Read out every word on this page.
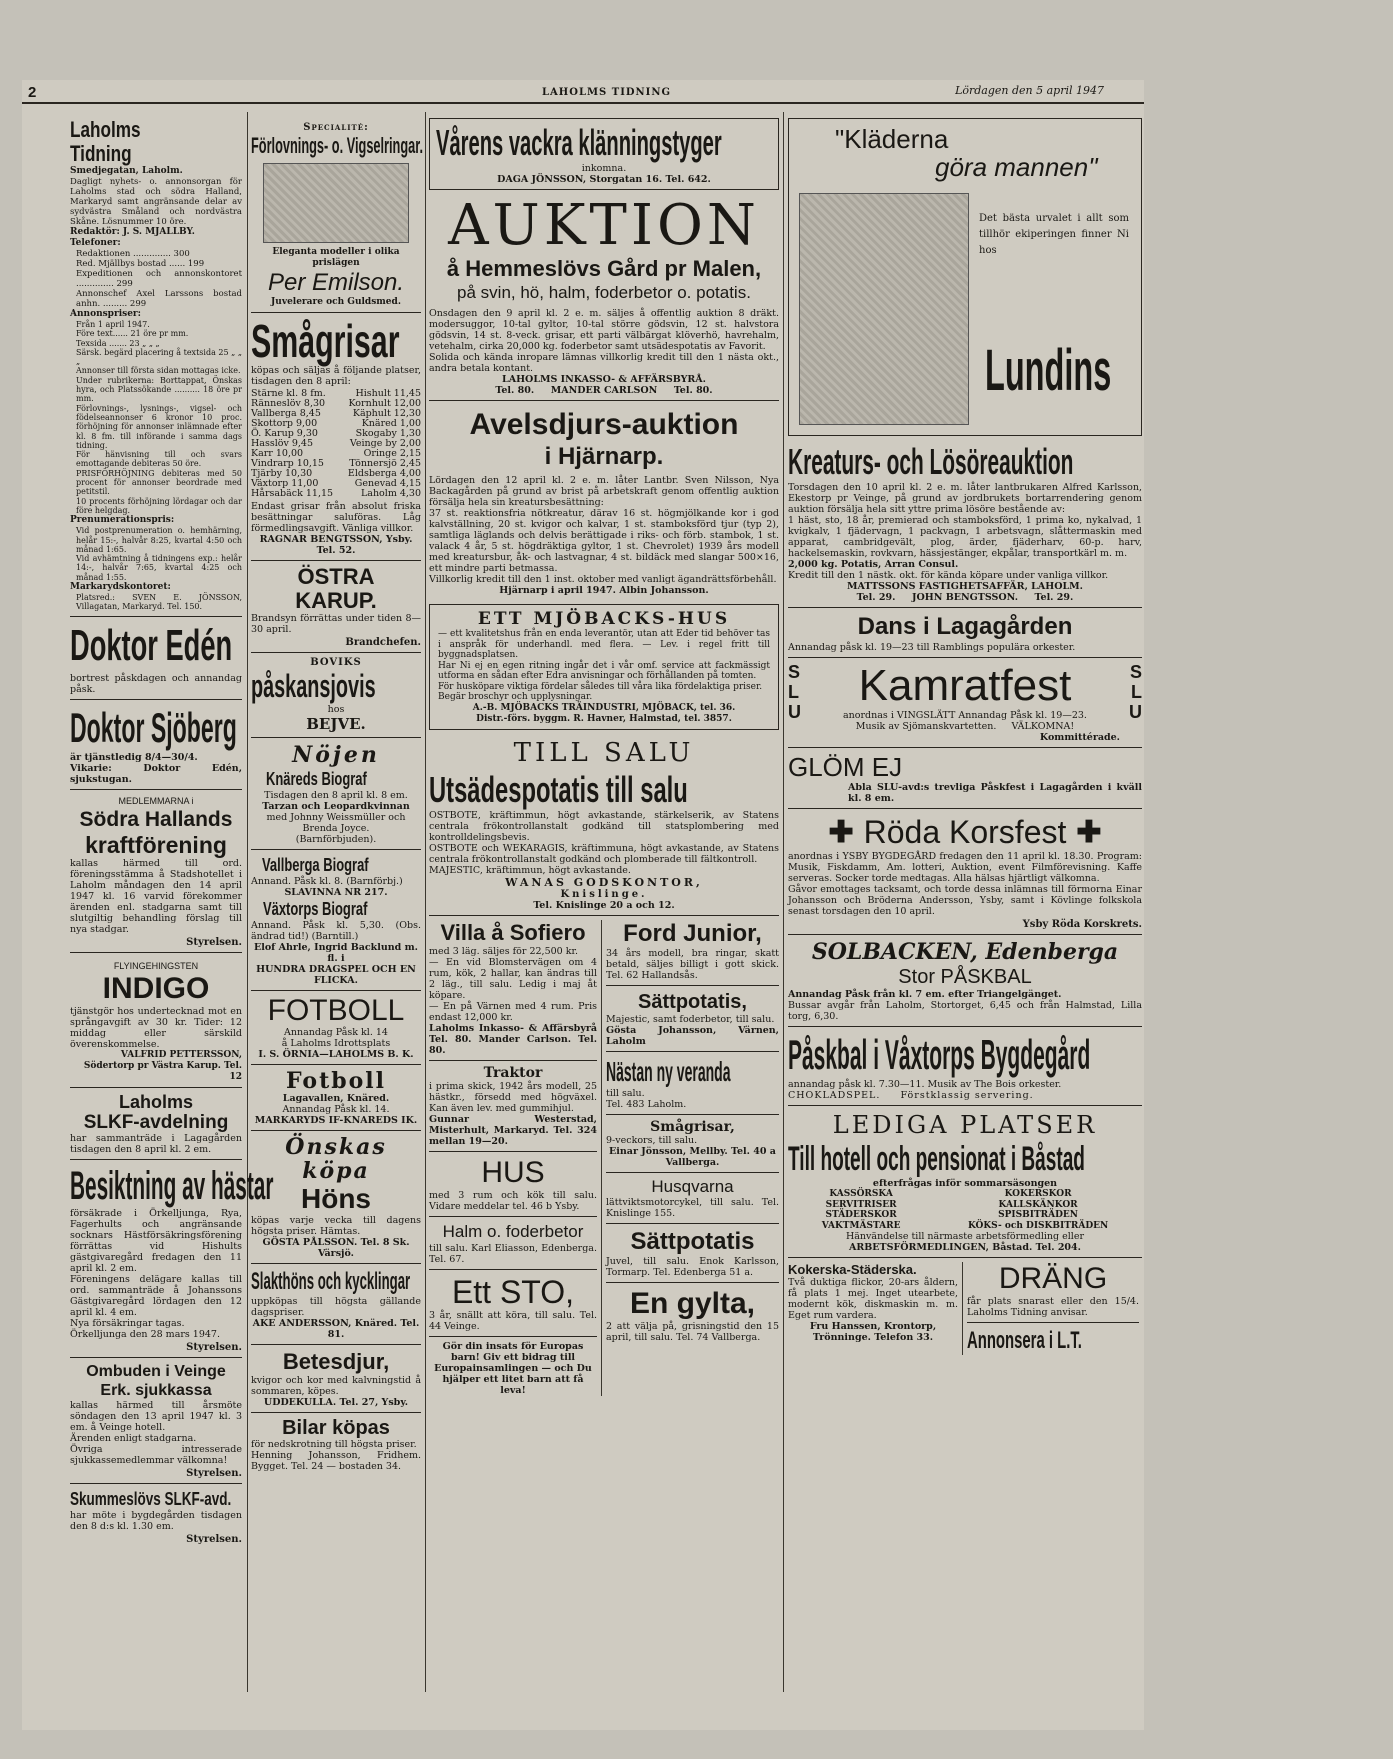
2	LAHOLMS TIDNING	Lördagen den 5 april 1947
Laholms Tidning
Smedjegatan, Laholm.
Dagligt nyhets- o. annonsorgan för Laholms stad och södra Halland, Markaryd samt angränsande delar av sydvästra Småland och nordvästra Skåne. Lösnummer 10 öre.
Redaktör: J. S. MJALLBY.
Telefoner:
Redaktionen .............. 300
Red. Mjällbys bostad ...... 199
Expeditionen och annonskontoret .............. 299
Annonschef Axel Larssons bostad anhn. ......... 299
Annonspriser:
Från 1 april 1947.
Före text...... 21 öre pr mm.
Texsida ....... 23 „ „ „
Särsk. begärd placering å textsida 25 „ „ „
Annonser till första sidan mottagas icke.
Under rubrikerna: Borttappat, Önskas hyra, och Platssökande .......... 18 öre pr mm.
Förlovnings-, lysnings-, vigsel- och födelseannonser 6 kronor 10 proc. förhöjning för annonser inlämnade efter kl. 8 fm. till införande i samma dags tidning.
För hänvisning till och svars emottagande debiteras 50 öre.
PRISFÖRHÖJNING debiteras med 50 procent för annonser beordrade med petitstil.
10 procents förhöjning lördagar och dar före helgdag.
Prenumerationspris:
Vid postprenumeration o. hemhärning, helår 15:-, halvår 8:25, kvartal 4:50 och månad 1:65.
Vid avhämtning å tidningens exp.: helår 14:-, halvår 7:65, kvartal 4:25 och månad 1:55.
Markarydskontoret:
Platsred.: SVEN E. JÖNSSON, Villagatan, Markaryd. Tel. 150.
Doktor Edén
bortrest påskdagen och annandag påsk.
Doktor Sjöberg
är tjänstledig 8/4—30/4.
Vikarie: Doktor Edén, sjukstugan.
MEDLEMMARNA i
Södra Hallands
kraftförening
kallas härmed till ord. föreningsstämma å Stadshotellet i Laholm måndagen den 14 april 1947 kl. 16 varvid förekommer ärenden enl. stadgarna samt till slutgiltig behandling förslag till nya stadgar.
Styrelsen.
FLYINGEHINGSTEN
INDIGO
tjänstgör hos undertecknad mot en språngavgift av 30 kr. Tider: 12 middag eller särskild överenskommelse.
VALFRID PETTERSSON, Södertorp pr Västra Karup. Tel. 12
Laholms
SLKF-avdelning
har sammanträde i Lagagården tisdagen den 8 april kl. 2 em.
Besiktning av hästar
försäkrade i Örkelljunga, Rya, Fagerhults och angränsande socknars Hästförsäkringsförening förrättas vid Hishults gästgivaregård fredagen den 11 april kl. 2 em.
Föreningens delägare kallas till ord. sammanträde å Johanssons Gästgivaregård lördagen den 12 april kl. 4 em.
Nya försäkringar tagas.
Örkelljunga den 28 mars 1947.
Styrelsen.
Ombuden i Veinge
Erk. sjukkassa
kallas härmed till årsmöte söndagen den 13 april 1947 kl. 3 em. å Veinge hotell.
Ärenden enligt stadgarna.
Övriga intresserade sjukkassemedlemmar välkomna!
Styrelsen.
Skummeslövs SLKF-avd.
har möte i bygdegården tisdagen den 8 d:s kl. 1.30 em.
Styrelsen.
Specialité:
Förlovnings- o. Vigselringar.
Eleganta modeller i olika prislägen
Per Emilson.
Juvelerare och Guldsmed.
Smågrisar
köpas och säljas å följande platser, tisdagen den 8 april:
Stärne kl. 8 fm.	Hishult 11,45
Ränneslöv 8,30 Kornhult 12,00
Vallberga 8,45	Käphult 12,30
Skottorp 9,00	Knäred 1,00
Ö. Karup 9,30	Skogaby 1,30
Hasslöv 9,45	Veinge by 2,00
Karr 10,00	Oringe 2,15
Vindrarp 10,15	Tönnersjö 2,45
Tjärby 10,30	Eldsberga 4,00
Växtorp 11,00	Genevad 4,15
Hårsabäck 11,15	Laholm 4,30
Endast grisar från absolut friska besättningar saluföras. Låg förmedlingsavgift. Vänliga villkor.
RAGNAR BENGTSSON, Ysby. Tel. 52.
ÖSTRA
KARUP.
Brandsyn förrättas under tiden 8—30 april.
Brandchefen.
BOVIKS
påskansjovis
hos
BEJVE.
Nöjen
Knäreds Biograf
Tisdagen den 8 april kl. 8 em.
Tarzan och Leopardkvinnan
med Johnny Weissmüller och Brenda Joyce.
(Barnförbjuden).
Vallberga Biograf
Annand. Påsk kl. 8. (Barnförbj.)
SLAVINNA NR 217.
Växtorps Biograf
Annand. Påsk kl. 5,30. (Obs. ändrad tid!) (Barntill.)
Elof Ahrle, Ingrid Backlund m. fl. i
HUNDRA DRAGSPEL OCH EN FLICKA.
FOTBOLL
Annandag Påsk kl. 14
å Laholms Idrottsplats
I. S. ÖRNIA—LAHOLMS B. K.
Fotboll
Lagavallen, Knäred.
Annandag Påsk kl. 14.
MARKARYDS IF-KNAREDS IK.
Önskas köpa
Höns
köpas varje vecka till dagens högsta priser. Hämtas.
GÖSTA PÅLSSON. Tel. 8 Sk. Värsjö.
Slakthöns och kycklingar
uppköpas till högsta gällande dagspriser.
AKE ANDERSSON, Knäred. Tel. 81.
Betesdjur,
kvigor och kor med kalvningstid å sommaren, köpes.
UDDEKULLA. Tel. 27, Ysby.
Bilar köpas
för nedskrotning till högsta priser.
Henning Johansson, Fridhem. Bygget. Tel. 24 — bostaden 34.
Vårens vackra klänningstyger
inkomna.
DAGA JÖNSSON, Storgatan 16. Tel. 642.
AUKTION
å Hemmeslövs Gård pr Malen,
på svin, hö, halm, foderbetor o. potatis.
Onsdagen den 9 april kl. 2 e. m. säljes å offentlig auktion 8 dräkt. modersuggor, 10-tal gyltor, 10-tal större gödsvin, 12 st. halvstora gödsvin, 14 st. 8-veck. grisar, ett parti välbärgat klöverhö, havrehalm, vetehalm, cirka 20,000 kg. foderbetor samt utsädespotatis av Favorit.
Solida och kända inropare lämnas villkorlig kredit till den 1 nästa okt., andra betala kontant.
LAHOLMS INKASSO- & AFFÄRSBYRÅ.
Tel. 80.     MANDER CARLSON     Tel. 80.
Avelsdjurs-auktion
i Hjärnarp.
Lördagen den 12 april kl. 2 e. m. låter Lantbr. Sven Nilsson, Nya Backagården på grund av brist på arbetskraft genom offentlig auktion försälja hela sin kreatursbesättning:
37 st. reaktionsfria nötkreatur, därav 16 st. högmjölkande kor i god kalvställning, 20 st. kvigor och kalvar, 1 st. stamboksförd tjur (typ 2), samtliga läglands och delvis berättigade i riks- och förb. stambok, 1 st. valack 4 år, 5 st. högdräktiga gyltor, 1 st. Chevrolet) 1939 års modell med kreatursbur, åk- och lastvagnar, 4 st. bildäck med slangar 500×16, ett mindre parti betmassa.
Villkorlig kredit till den 1 inst. oktober med vanligt ägandrättsförbehåll.
Hjärnarp i april 1947. Albin Johansson.
ETT MJÖBACKS-HUS
— ett kvalitetshus från en enda leverantör, utan att Eder tid behöver tas i anspråk för underhandl. med flera. — Lev. i regel fritt till byggnadsplatsen.
Har Ni ej en egen ritning ingår det i vår omf. service att fackmässigt utforma en sådan efter Edra anvisningar och förhållanden på tomten.
För husköpare viktiga fördelar således till våra lika fördelaktiga priser.
Begär broschyr och upplysningar.
A.-B. MJÖBACKS TRÄINDUSTRI, MJÖBACK, tel. 36.
Distr.-förs. byggm. R. Havner, Halmstad, tel. 3857.
TILL SALU
Utsädespotatis till salu
OSTBOTE, kräftimmun, högt avkastande, stärkelserik, av Statens centrala frökontrollanstalt godkänd till statsplombering med kontrolldelingsbevis.
OSTBOTE och WEKARAGIS, kräftimmuna, högt avkastande, av Statens centrala frökontrollanstalt godkänd och plomberade till fältkontroll.
MAJESTIC, kräftimmun, högt avkastande.
WANAS GODSKONTOR,
Knislinge.
Tel. Knislinge 20 a och 12.
Villa å Sofiero
med 3 läg. säljes för 22,500 kr.
— En vid Blomstervägen om 4 rum, kök, 2 hallar, kan ändras till 2 läg., till salu. Ledig i maj åt köpare.
— En på Värnen med 4 rum. Pris endast 12,000 kr.
Laholms Inkasso- & Affärsbyrå Tel. 80. Mander Carlson. Tel. 80.
Traktor
i prima skick, 1942 års modell, 25 hästkr., försedd med högväxel. Kan även lev. med gummihjul.
Gunnar Westerstad, Misterhult, Markaryd. Tel. 324 mellan 19—20.
HUS
med 3 rum och kök till salu. Vidare meddelar tel. 46 b Ysby.
Halm o. foderbetor
till salu. Karl Eliasson, Edenberga. Tel. 67.
Ett STO,
3 år, snällt att köra, till salu. Tel. 44 Veinge.
Gör din insats för Europas barn! Giv ett bidrag till Europainsamlingen — och Du hjälper ett litet barn att få leva!
Ford Junior,
34 års modell, bra ringar, skatt betald, säljes billigt i gott skick. Tel. 62 Hallandsås.
Sättpotatis,
Majestic, samt foderbetor, till salu.
Gösta Johansson, Värnen, Laholm
Nästan ny veranda
till salu.
Tel. 483 Laholm.
Smågrisar,
9-veckors, till salu.
Einar Jönsson, Mellby. Tel. 40 a Vallberga.
Husqvarna
lättviktsmotorcykel, till salu. Tel. Knislinge 155.
Sättpotatis
Juvel, till salu. Enok Karlsson, Tormarp. Tel. Edenberga 51 a.
En gylta,
2 att välja på, grisningstid den 15 april, till salu. Tel. 74 Vallberga.
"Kläderna
göra mannen"
Det bästa urvalet i allt som tillhör ekiperingen finner Ni hos
Lundins
Kreaturs- och Lösöreauktion
Torsdagen den 10 april kl. 2 e. m. låter lantbrukaren Alfred Karlsson, Ekestorp pr Veinge, på grund av jordbrukets bortarrendering genom auktion försälja hela sitt yttre prima lösöre bestående av:
1 häst, sto, 18 år, premierad och stamboksförd, 1 prima ko, nykalvad, 1 kvigkalv, 1 fjädervagn, 1 packvagn, 1 arbetsvagn, slåttermaskin med apparat, cambridgevält, plog, ärder, fjäderharv, 60-p. harv, hackelsemaskin, rovkvarn, hässjestänger, ekpålar, transportkärl m. m.
2,000 kg. Potatis, Arran Consul.
Kredit till den 1 nästk. okt. för kända köpare under vanliga villkor.
MATTSSONS FASTIGHETSAFFÄR, LAHOLM.
Tel. 29.     JOHN BENGTSSON.     Tel. 29.
Dans i Lagagården
Annandag påsk kl. 19—23 till Ramblings populära orkester.
S
L
U
Kamratfest
anordnas i VINGSLÄTT Annandag Påsk kl. 19—23.
Musik av Sjömanskvartetten.     VÄLKOMNA!
Kommittérade.
S
L
U
GLÖM EJ
Abla SLU-avd:s trevliga Påskfest i Lagagården i kväll kl. 8 em.
✚ Röda Korsfest ✚
anordnas i YSBY BYGDEGÅRD fredagen den 11 april kl. 18.30. Program: Musik, Fiskdamm, Am. lotteri, Auktion, event Filmförevisning. Kaffe serveras. Socker torde medtagas. Alla hälsas hjärtligt välkomna.
Gåvor emottages tacksamt, och torde dessa inlämnas till förmorna Einar Johansson och Bröderna Andersson, Ysby, samt i Kövlinge folkskola senast torsdagen den 10 april.
Ysby Röda Korskrets.
SOLBACKEN, Edenberga
Stor PÅSKBAL
Annandag Påsk från kl. 7 em. efter Triangelgänget.
Bussar avgår från Laholm, Stortorget, 6,45 och från Halmstad, Lilla torg, 6,30.
Påskbal i Våxtorps Bygdegård
annandag påsk kl. 7.30—11. Musik av The Bois orkester.
CHOKLADSPEL.     Förstklassig servering.
LEDIGA PLATSER
Till hotell och pensionat i Båstad
efterfrågas inför sommarsäsongen
KASSÖRSKA
SERVITRISER
STÄDERSKOR
VAKTMÄSTARE
KOKERSKOR
KALLSKÄNKOR
SPISBITRÄDEN
KÖKS- och DISKBITRÄDEN
Hänvändelse till närmaste arbetsförmedling eller
ARBETSFÖRMEDLINGEN, Båstad. Tel. 204.
Kokerska-Städerska.
Två duktiga flickor, 20-ars åldern, få plats 1 mej. Inget utearbete, modernt kök, diskmaskin m. m. Eget rum vardera.
Fru Hanssen, Krontorp, Trönninge. Telefon 33.
DRÄNG
får plats snarast eller den 15/4. Laholms Tidning anvisar.
Annonsera i L.T.
